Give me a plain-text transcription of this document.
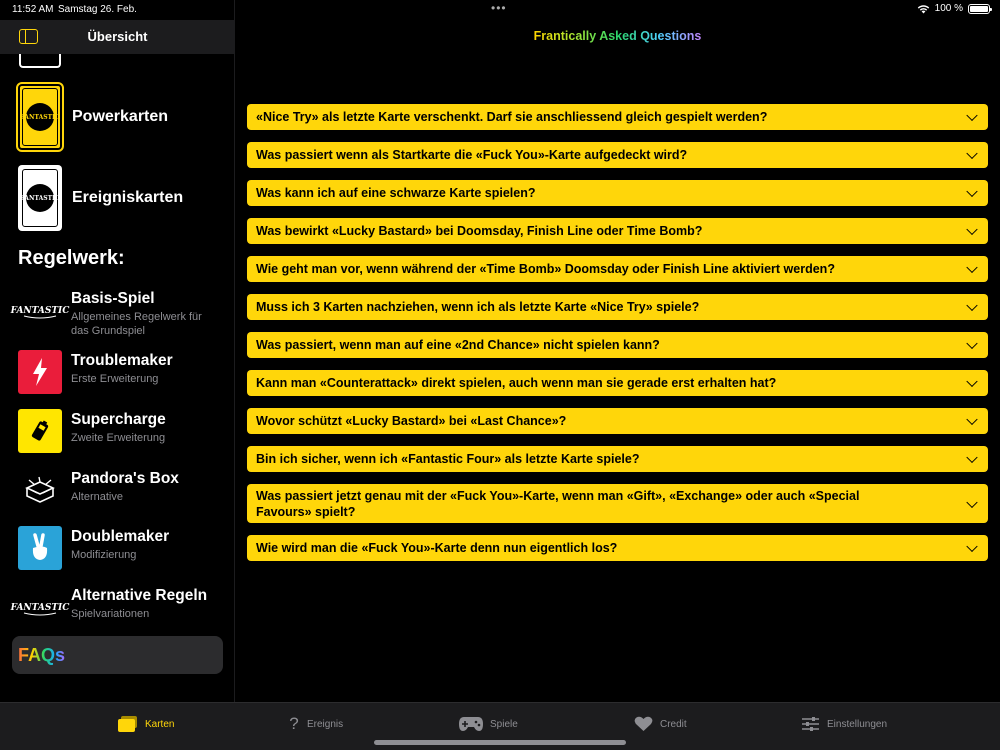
11:52 AM Samstag 26. Feb.	•••	100 %
Übersicht
FANTASTIC Powerkarten
FANTASTIC Ereigniskarten
Regelwerk:
FANTASTIC
Basis-Spiel
Allgemeines Regelwerk für das Grundspiel
Troublemaker
Erste Erweiterung
Supercharge
Zweite Erweiterung
Pandora's Box
Alternative
Doublemaker
Modifizierung
FANTASTIC
Alternative Regeln
Spielvariationen
FAQs
Frantically Asked Questions
«Nice Try» als letzte Karte verschenkt. Darf sie anschliessend gleich gespielt werden?
Was passiert wenn als Startkarte die «Fuck You»-Karte aufgedeckt wird?
Was kann ich auf eine schwarze Karte spielen?
Was bewirkt «Lucky Bastard» bei Doomsday, Finish Line oder Time Bomb?
Wie geht man vor, wenn während der «Time Bomb» Doomsday oder Finish Line aktiviert werden?
Muss ich 3 Karten nachziehen, wenn ich als letzte Karte «Nice Try» spiele?
Was passiert, wenn man auf eine «2nd Chance» nicht spielen kann?
Kann man «Counterattack» direkt spielen, auch wenn man sie gerade erst erhalten hat?
Wovor schützt «Lucky Bastard» bei «Last Chance»?
Bin ich sicher, wenn ich «Fantastic Four» als letzte Karte spiele?
Was passiert jetzt genau mit der «Fuck You»-Karte, wenn man «Gift», «Exchange» oder auch «Special Favours» spielt?
Wie wird man die «Fuck You»-Karte denn nun eigentlich los?
Karten	? Ereignis	Spiele	Credit	Einstellungen
